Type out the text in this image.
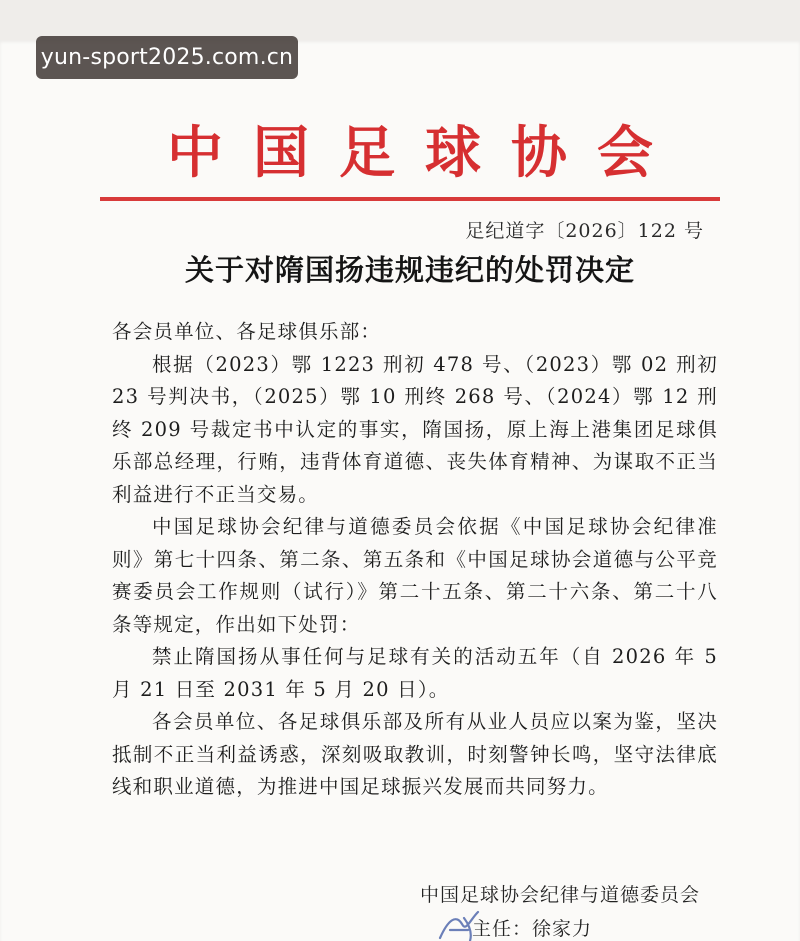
中国足球协会
足纪道字〔2026〕122 号
关于对隋国扬违规违纪的处罚决定

各会员单位、各足球俱乐部：

根据（2023）鄂 1223 刑初 478 号、（2023）鄂 02 刑初 23 号判决书，（2025）鄂 10 刑终 268 号、（2024）鄂 12 刑终 209 号裁定书中认定的事实，隋国扬，原上海上港集团足球俱乐部总经理，行贿，违背体育道德、丧失体育精神、为谋取不正当利益进行不正当交易。

中国足球协会纪律与道德委员会依据《中国足球协会纪律准则》第七十四条、第二条、第五条和《中国足球协会道德与公平竞赛委员会工作规则（试行）》第二十五条、第二十六条、第二十八条等规定，作出如下处罚：

禁止隋国扬从事任何与足球有关的活动五年（自 2026 年 5 月 21 日至 2031 年 5 月 20 日）。

各会员单位、各足球俱乐部及所有从业人员应以案为鉴，坚决抵制不正当利益诱惑，深刻吸取教训，时刻警钟长鸣，坚守法律底线和职业道德，为推进中国足球振兴发展而共同努力。

中国足球协会纪律与道德委员会
主任：徐家力
yun-sport2025.com.cn
